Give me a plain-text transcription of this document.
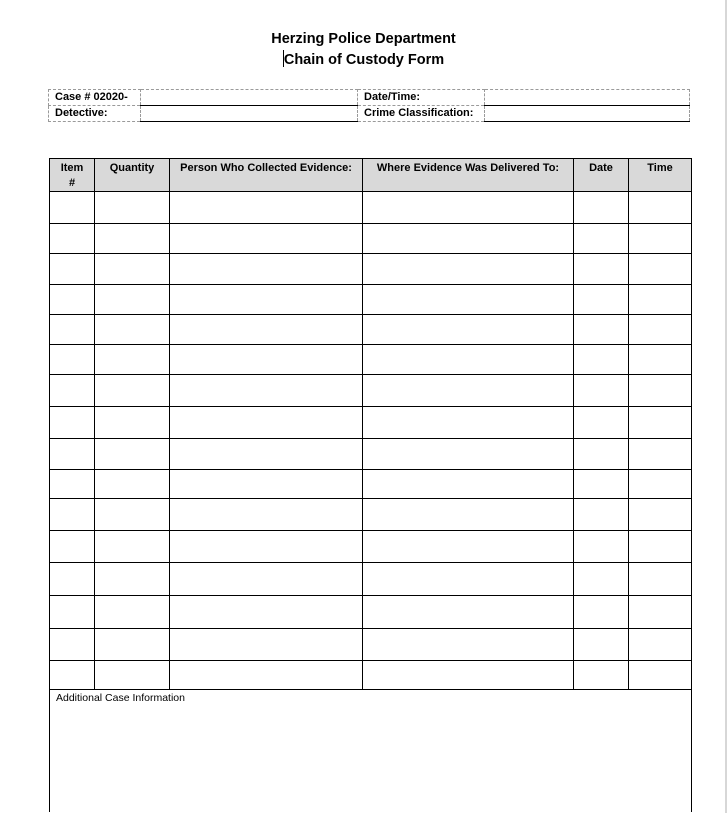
Herzing Police Department
Chain of Custody Form
Case # 02020-		Date/Time:	
Detective:		Crime Classification:	
Item #	Quantity	Person Who Collected Evidence:	Where Evidence Was Delivered To:	Date	Time

Additional Case Information					
